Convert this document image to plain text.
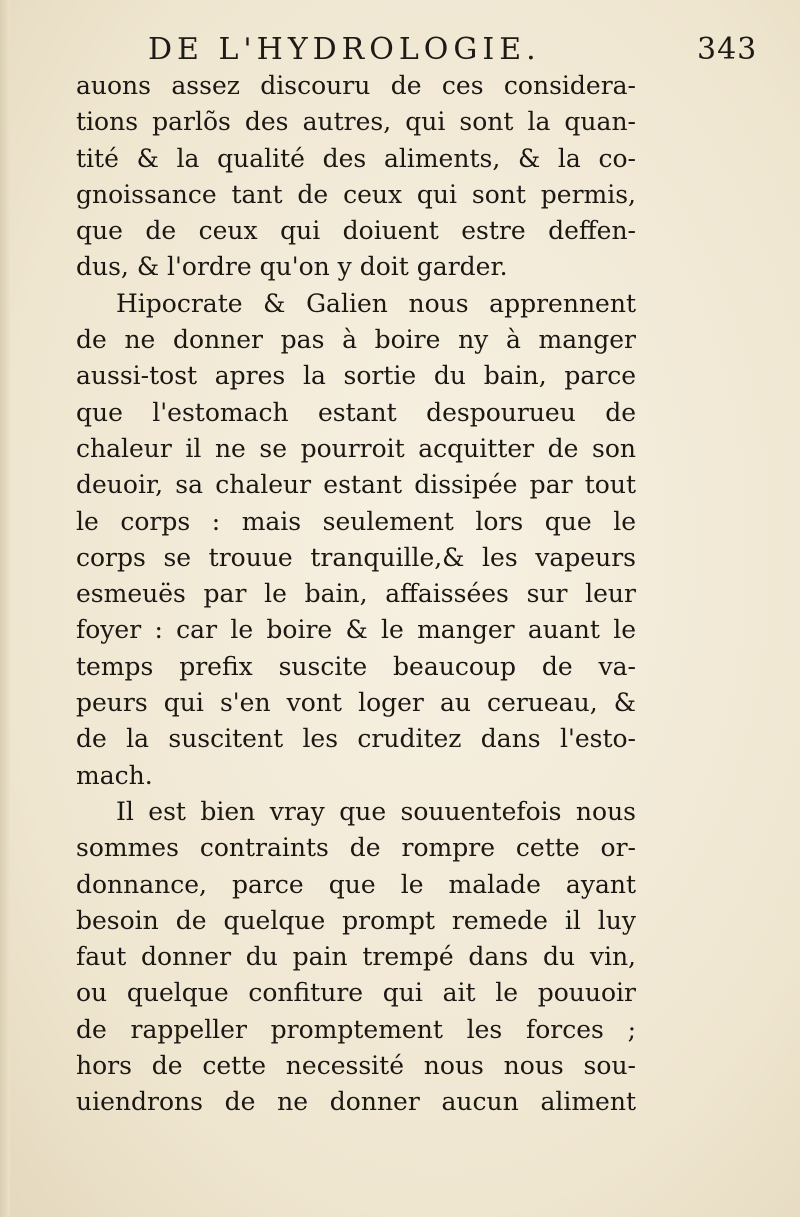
DE L'HYDROLOGIE.	343
auons assez discouru de ces considera-
tions parlõs des autres, qui sont la quan-
tité & la qualité des aliments, & la co-
gnoissance tant de ceux qui sont permis,
que de ceux qui doiuent estre deffen-
dus, & l'ordre qu'on y doit garder.
Hipocrate & Galien nous apprennent
de ne donner pas à boire ny à manger
aussi-tost apres la sortie du bain, parce
que l'estomach estant despourueu de
chaleur il ne se pourroit acquitter de son
deuoir, sa chaleur estant dissipée par tout
le corps : mais seulement lors que le
corps se trouue tranquille,& les vapeurs
esmeuës par le bain, affaissées sur leur
foyer : car le boire & le manger auant le
temps prefix suscite beaucoup de va-
peurs qui s'en vont loger au cerueau, &
de la suscitent les cruditez dans l'esto-
mach.
Il est bien vray que souuentefois nous
sommes contraints de rompre cette or-
donnance, parce que le malade ayant
besoin de quelque prompt remede il luy
faut donner du pain trempé dans du vin,
ou quelque confiture qui ait le pouuoir
de rappeller promptement les forces ;
hors de cette necessité nous nous sou-
uiendrons de ne donner aucun aliment
